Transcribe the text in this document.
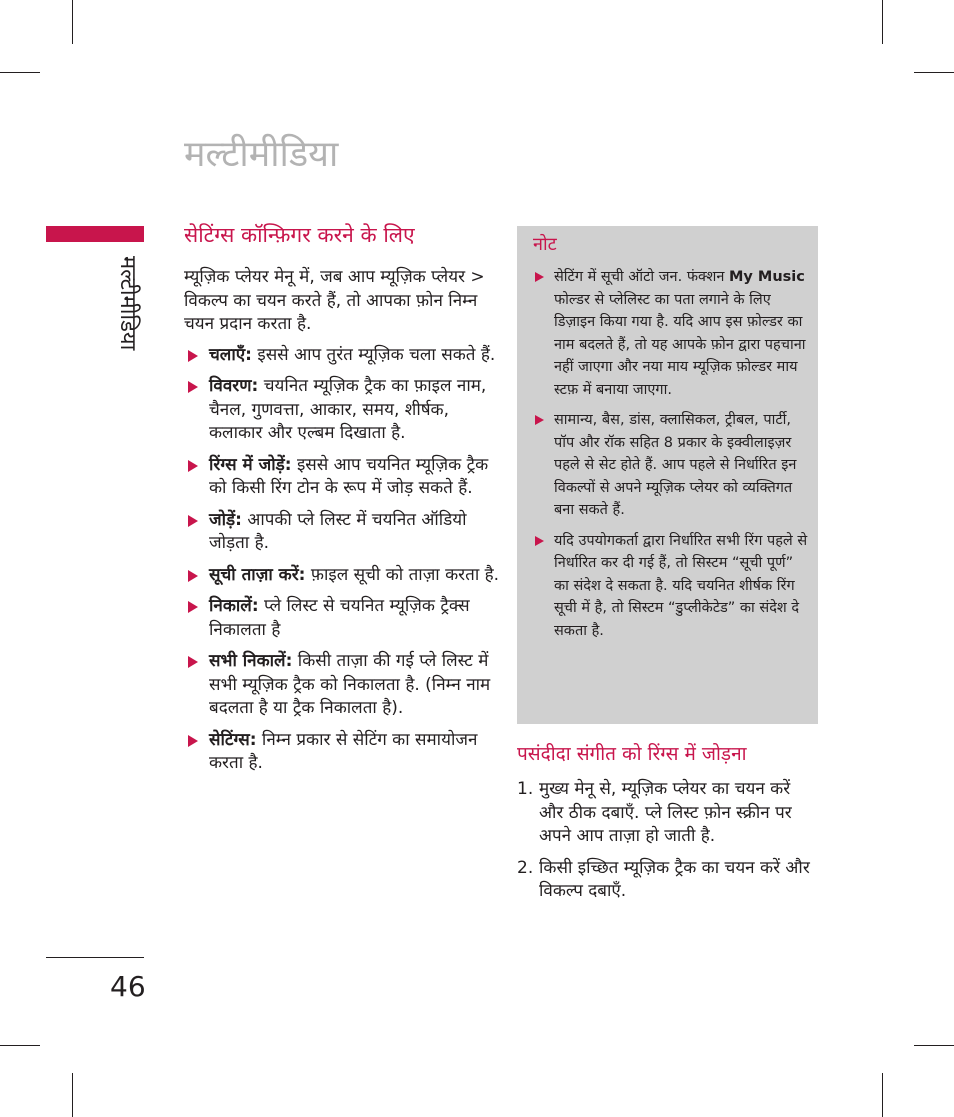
मल्टीमीडिया
मल्टीमीडिया
46
सेटिंग्स कॉन्फ़िगर करने के लिए
म्यूज़िक प्लेयर मेनू में, जब आप म्यूज़िक प्लेयर > विकल्प का चयन करते हैं, तो आपका फ़ोन निम्न चयन प्रदान करता है.
चलाएँ: इससे आप तुरंत म्यूज़िक चला सकते हैं.
विवरण: चयनित म्यूज़िक ट्रैक का फ़ाइल नाम, चैनल, गुणवत्ता, आकार, समय, शीर्षक, कलाकार और एल्बम दिखाता है.
रिंग्स में जोड़ें: इससे आप चयनित म्यूज़िक ट्रैक को किसी रिंग टोन के रूप में जोड़ सकते हैं.
जोड़ें: आपकी प्ले लिस्ट में चयनित ऑडियो जोड़ता है.
सूची ताज़ा करें: फ़ाइल सूची को ताज़ा करता है.
निकालें: प्ले लिस्ट से चयनित म्यूज़िक ट्रैक्स निकालता है
सभी निकालें: किसी ताज़ा की गई प्ले लिस्ट में सभी म्यूज़िक ट्रैक को निकालता है. (निम्न नाम बदलता है या ट्रैक निकालता है).
सेटिंग्स: निम्न प्रकार से सेटिंग का समायोजन करता है.
नोट
सेटिंग में सूची ऑटो जन. फंक्शन My Music फोल्डर से प्लेलिस्ट का पता लगाने के लिए डिज़ाइन किया गया है. यदि आप इस फ़ोल्डर का नाम बदलते हैं, तो यह आपके फ़ोन द्वारा पहचाना नहीं जाएगा और नया माय म्यूज़िक फ़ोल्डर माय स्टफ़ में बनाया जाएगा.
सामान्य, बैस, डांस, क्लासिकल, ट्रीबल, पार्टी, पॉप और रॉक सहित 8 प्रकार के इक्वीलाइज़र पहले से सेट होते हैं. आप पहले से निर्धारित इन विकल्पों से अपने म्यूज़िक प्लेयर को व्यक्तिगत बना सकते हैं.
यदि उपयोगकर्ता द्वारा निर्धारित सभी रिंग पहले से निर्धारित कर दी गई हैं, तो सिस्टम “सूची पूर्ण” का संदेश दे सकता है. यदि चयनित शीर्षक रिंग सूची में है, तो सिस्टम “डुप्लीकेटेड” का संदेश दे सकता है.
पसंदीदा संगीत को रिंग्स में जोड़ना
1. मुख्य मेनू से, म्यूज़िक प्लेयर का चयन करें और ठीक दबाएँ. प्ले लिस्ट फ़ोन स्क्रीन पर अपने आप ताज़ा हो जाती है.
2. किसी इच्छित म्यूज़िक ट्रैक का चयन करें और विकल्प दबाएँ.
